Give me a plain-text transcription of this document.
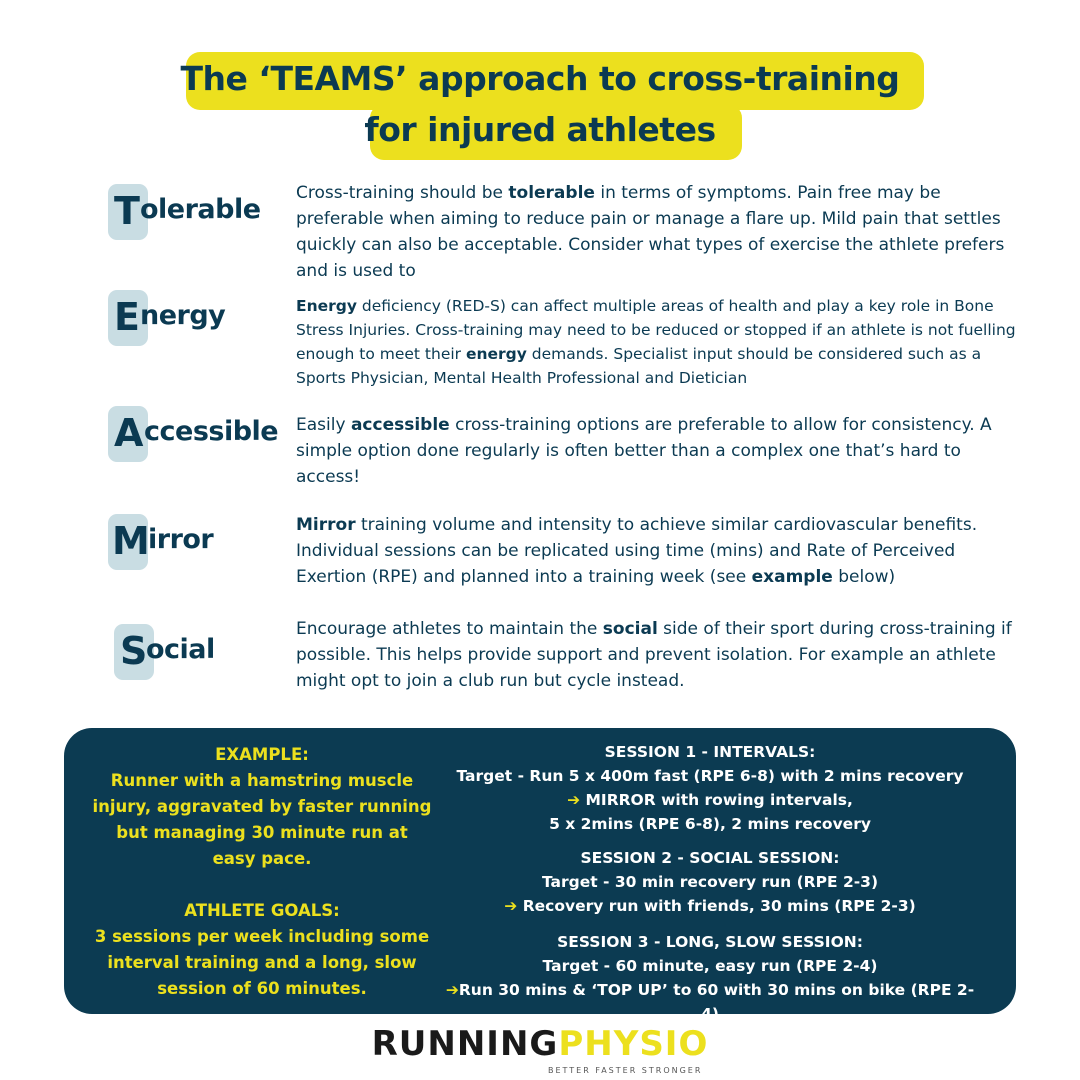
The ‘TEAMS’ approach to cross-training
for injured athletes
T olerable
Cross-training should be tolerable in terms of symptoms. Pain free may be preferable when aiming to reduce pain or manage a flare up. Mild pain that settles quickly can also be acceptable. Consider what types of exercise the athlete prefers and is used to
E nergy	Energy deficiency (RED-S) can affect multiple areas of health and play a key role in Bone Stress Injuries. Cross-training may need to be reduced or stopped if an athlete is not fuelling enough to meet their energy demands. Specialist input should be considered such as a Sports Physician, Mental Health Professional and Dietician
A ccessible Easily accessible cross-training options are preferable to allow for consistency. A simple option done regularly is often better than a complex one that’s hard to access!
M
irror	Mirror training volume and intensity to achieve similar cardiovascular benefits. Individual sessions can be replicated using time (mins) and Rate of Perceived Exertion (RPE) and planned into a training week (see example below)
S
ocial
Encourage athletes to maintain the social side of their sport during cross-training if possible. This helps provide support and prevent isolation. For example an athlete might opt to join a club run but cycle instead.
EXAMPLE:
Runner with a hamstring muscle injury, aggravated by faster running but managing 30 minute run at easy pace.
ATHLETE GOALS:
3 sessions per week including some interval training and a long, slow session of 60 minutes.
SESSION 1 - INTERVALS:
Target - Run 5 x 400m fast (RPE 6-8) with 2 mins recovery
➔ MIRROR with rowing intervals,
5 x 2mins (RPE 6-8), 2 mins recovery
SESSION 2 - SOCIAL SESSION:
Target - 30 min recovery run (RPE 2-3)
➔ Recovery run with friends, 30 mins (RPE 2-3)
SESSION 3 - LONG, SLOW SESSION:
Target - 60 minute, easy run (RPE 2-4)
➔Run 30 mins & ‘TOP UP’ to 60 with 30 mins on bike (RPE 2-4)
RUNNINGPHYSIO
BETTER FASTER STRONGER
